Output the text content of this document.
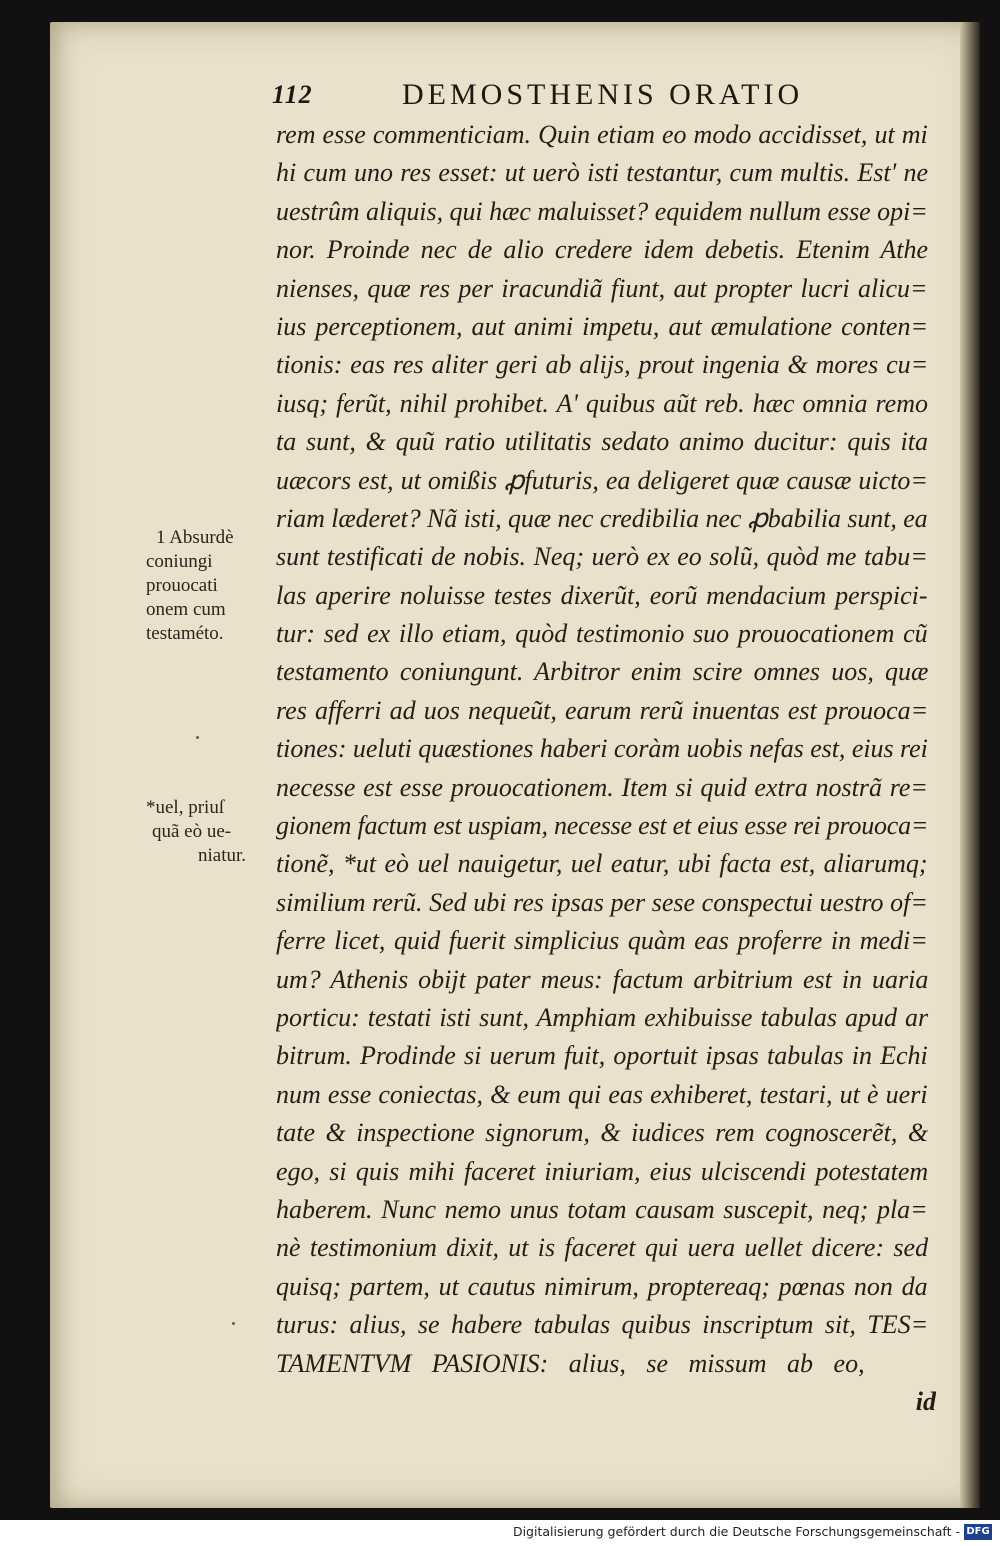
112	DEMOSTHENIS ORATIO
rem esse commenticiam. Quin etiam eo modo accidisset, ut mi
hi cum uno res esset: ut uerò isti testantur, cum multis. Est' ne
uestrûm aliquis, qui hæc maluisset? equidem nullum esse opi=
nor. Proinde nec de alio credere idem debetis. Etenim Athe
nienses, quæ res per iracundiã fiunt, aut propter lucri alicu=
ius perceptionem, aut animi impetu, aut æmulatione conten=
tionis: eas res aliter geri ab alijs, prout ingenia & mores cu=
iusq; ferũt, nihil prohibet. A' quibus aũt reb. hæc omnia remo
ta sunt, & quũ ratio utilitatis sedato animo ducitur: quis ita
uæcors est, ut omißis ꝓfuturis, ea deligeret quæ causæ uicto=
riam læderet? Nã isti, quæ nec credibilia nec ꝓbabilia sunt, ea
sunt testificati de nobis. Neq; uerò ex eo solũ, quòd me tabu=
las aperire noluisse testes dixerũt, eorũ mendacium perspici-
tur: sed ex illo etiam, quòd testimonio suo prouocationem cũ
testamento coniungunt. Arbitror enim scire omnes uos, quæ
res afferri ad uos nequeũt, earum rerũ inuentas est prouoca=
tiones: ueluti quæstiones haberi coràm uobis nefas est, eius rei
necesse est esse prouocationem. Item si quid extra nostrã re=
gionem factum est uspiam, necesse est et eius esse rei prouoca=
tionẽ, *ut eò uel nauigetur, uel eatur, ubi facta est, aliarumq;
similium rerũ. Sed ubi res ipsas per sese conspectui uestro of=
ferre licet, quid fuerit simplicius quàm eas proferre in medi=
um? Athenis obijt pater meus: factum arbitrium est in uaria
porticu: testati isti sunt, Amphiam exhibuisse tabulas apud ar
bitrum. Prodinde si uerum fuit, oportuit ipsas tabulas in Echi
num esse coniectas, & eum qui eas exhiberet, testari, ut è ueri
tate & inspectione signorum, & iudices rem cognoscerẽt, &
ego, si quis mihi faceret iniuriam, eius ulciscendi potestatem
haberem. Nunc nemo unus totam causam suscepit, neq; pla=
nè testimonium dixit, ut is faceret qui uera uellet dicere: sed
quisq; partem, ut cautus nimirum, proptereaq; pœnas non da
turus: alius, se habere tabulas quibus inscriptum sit, TES=
TAMENTVM PASIONIS: alius, se missum ab eo,
id
1 Absurdè
coniungi
prouocati
onem cum
testaméto.
*uel, priuſ
quã eò ue-
niatur.
Digitalisierung gefördert durch die Deutsche Forschungsgemeinschaft - DFG
